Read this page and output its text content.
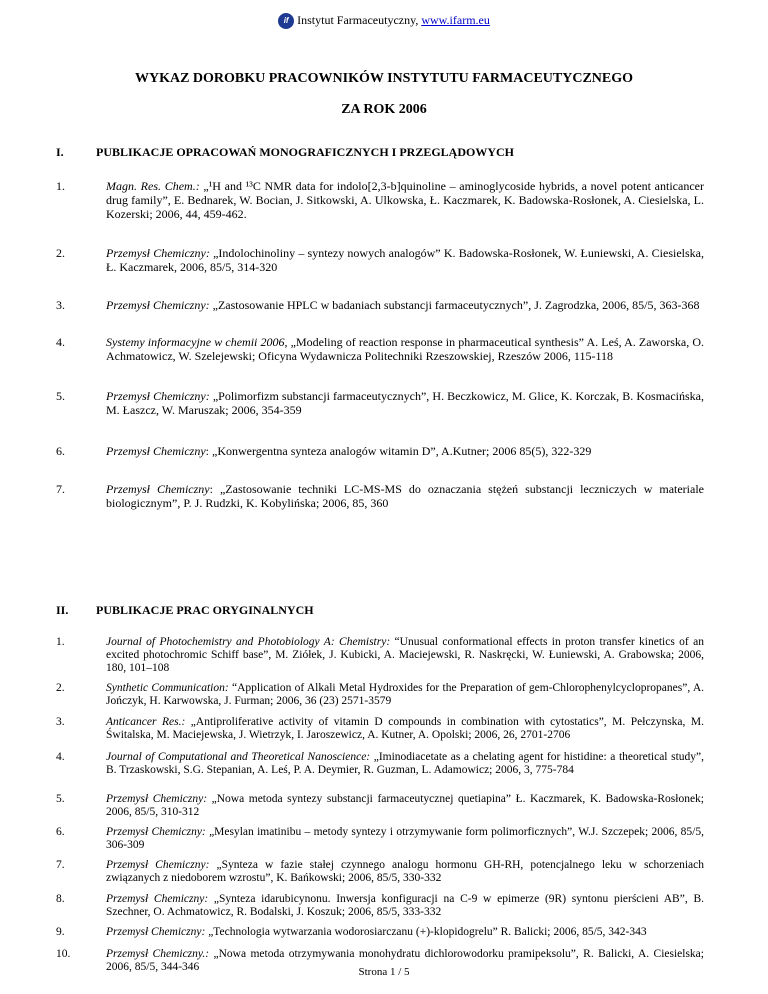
if Instytut Farmaceutyczny, www.ifarm.eu
WYKAZ DOROBKU PRACOWNIKÓW INSTYTUTU FARMACEUTYCZNEGO
ZA ROK 2006
I.	PUBLIKACJE OPRACOWAŃ MONOGRAFICZNYCH I PRZEGLĄDOWYCH
1.	Magn. Res. Chem.: „¹H and ¹³C NMR data for indolo[2,3-b]quinoline – aminoglycoside hybrids, a novel potent anticancer drug family”, E. Bednarek, W. Bocian, J. Sitkowski, A. Ulkowska, Ł. Kaczmarek, K. Badowska-Rosłonek, A. Ciesielska, L. Kozerski; 2006, 44, 459-462.
2.	Przemysł Chemiczny: „Indolochinoliny – syntezy nowych analogów” K. Badowska-Rosłonek, W. Łuniewski, A. Ciesielska, Ł. Kaczmarek, 2006, 85/5, 314-320
3.	Przemysł Chemiczny: „Zastosowanie HPLC w badaniach substancji farmaceutycznych”, J. Zagrodzka, 2006, 85/5, 363-368
4.	Systemy informacyjne w chemii 2006, „Modeling of reaction response in pharmaceutical synthesis” A. Leś, A. Zaworska, O. Achmatowicz, W. Szelejewski; Oficyna Wydawnicza Politechniki Rzeszowskiej, Rzeszów 2006, 115-118
5.	Przemysł Chemiczny: „Polimorfizm substancji farmaceutycznych”, H. Beczkowicz, M. Glice, K. Korczak, B. Kosmacińska, M. Łaszcz, W. Maruszak; 2006, 354-359
6.	Przemysł Chemiczny: „Konwergentna synteza analogów witamin D”, A.Kutner; 2006 85(5), 322-329
7.	Przemysł Chemiczny: „Zastosowanie techniki LC-MS-MS do oznaczania stężeń substancji leczniczych w materiale biologicznym”, P. J. Rudzki, K. Kobylińska; 2006, 85, 360
II. PUBLIKACJE PRAC ORYGINALNYCH
1.	Journal of Photochemistry and Photobiology A: Chemistry: “Unusual conformational effects in proton transfer kinetics of an excited photochromic Schiff base”, M. Ziółek, J. Kubicki, A. Maciejewski, R. Naskręcki, W. Łuniewski, A. Grabowska; 2006, 180, 101–108
2.	Synthetic Communication: “Application of Alkali Metal Hydroxides for the Preparation of gem-Chlorophenylcyclopropanes”, A. Jończyk, H. Karwowska, J. Furman; 2006, 36 (23) 2571-3579
3.	Anticancer Res.: „Antiproliferative activity of vitamin D compounds in combination with cytostatics”, M. Pełczynska, M. Świtalska, M. Maciejewska, J. Wietrzyk, I. Jaroszewicz, A. Kutner, A. Opolski; 2006, 26, 2701-2706
4.	Journal of Computational and Theoretical Nanoscience: „Iminodiacetate as a chelating agent for histidine: a theoretical study”, B. Trzaskowski, S.G. Stepanian, A. Leś, P. A. Deymier, R. Guzman, L. Adamowicz; 2006, 3, 775-784
5.	Przemysł Chemiczny: „Nowa metoda syntezy substancji farmaceutycznej quetiapina” Ł. Kaczmarek, K. Badowska-Rosłonek; 2006, 85/5, 310-312
6.	Przemysł Chemiczny: „Mesylan imatinibu – metody syntezy i otrzymywanie form polimorficznych”, W.J. Szczepek; 2006, 85/5, 306-309
7.	Przemysł Chemiczny: „Synteza w fazie stałej czynnego analogu hormonu GH-RH, potencjalnego leku w schorzeniach związanych z niedoborem wzrostu”, K. Bańkowski; 2006, 85/5, 330-332
8.	Przemysł Chemiczny: „Synteza idarubicynonu. Inwersja konfiguracji na C-9 w epimerze (9R) syntonu pierścieni AB”, B. Szechner, O. Achmatowicz, R. Bodalski, J. Koszuk; 2006, 85/5, 333-332
9.	Przemysł Chemiczny: „Technologia wytwarzania wodorosiarczanu (+)-klopidogrelu” R. Balicki; 2006, 85/5, 342-343
10.	Przemysł Chemiczny.: „Nowa metoda otrzymywania monohydratu dichlorowodorku pramipeksolu”, R. Balicki, A. Ciesielska; 2006, 85/5, 344-346	Strona 1 / 5
